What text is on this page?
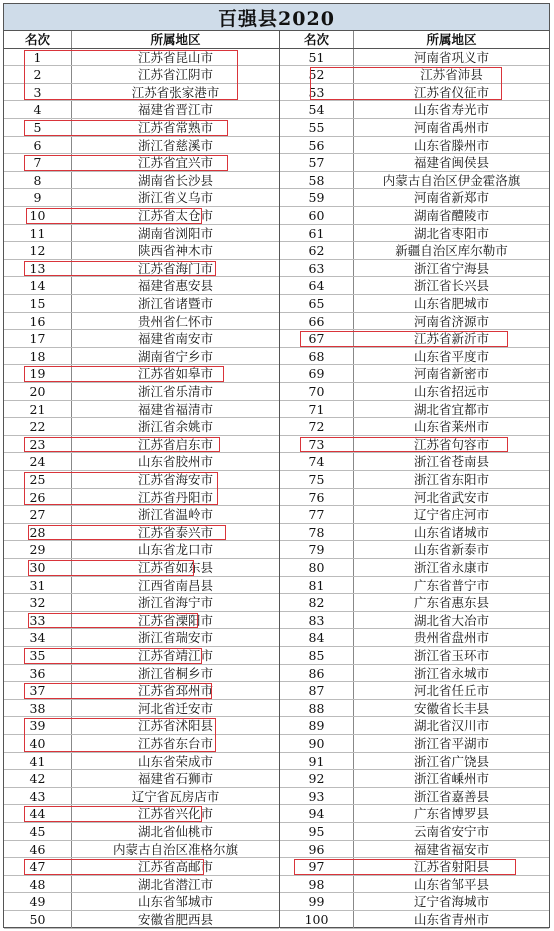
百强县2020
名次	所属地区
1	江苏省昆山市
2	江苏省江阴市
3	江苏省张家港市
4	福建省晋江市
5	江苏省常熟市
6	浙江省慈溪市
7	江苏省宜兴市
8	湖南省长沙县
9	浙江省义乌市
10	江苏省太仓市
11	湖南省浏阳市
12	陕西省神木市
13	江苏省海门市
14	福建省惠安县
15	浙江省诸暨市
16	贵州省仁怀市
17	福建省南安市
18	湖南省宁乡市
19	江苏省如皋市
20	浙江省乐清市
21	福建省福清市
22	浙江省余姚市
23	江苏省启东市
24	山东省胶州市
25	江苏省海安市
26	江苏省丹阳市
27	浙江省温岭市
28	江苏省泰兴市
29	山东省龙口市
30	江苏省如东县
31	江西省南昌县
32	浙江省海宁市
33	江苏省溧阳市
34	浙江省瑞安市
35	江苏省靖江市
36	浙江省桐乡市
37	江苏省邳州市
38	河北省迁安市
39	江苏省沭阳县
40	江苏省东台市
41	山东省荣成市
42	福建省石狮市
43	辽宁省瓦房店市
44	江苏省兴化市
45	湖北省仙桃市
46	内蒙古自治区准格尔旗
47	江苏省高邮市
48	湖北省潜江市
49	山东省邹城市
50	安徽省肥西县
名次	所属地区
51	河南省巩义市
52	江苏省沛县
53	江苏省仪征市
54	山东省寿光市
55	河南省禹州市
56	山东省滕州市
57	福建省闽侯县
58	内蒙古自治区伊金霍洛旗
59	河南省新郑市
60	湖南省醴陵市
61	湖北省枣阳市
62	新疆自治区库尔勒市
63	浙江省宁海县
64	浙江省长兴县
65	山东省肥城市
66	河南省济源市
67	江苏省新沂市
68	山东省平度市
69	河南省新密市
70	山东省招远市
71	湖北省宜都市
72	山东省莱州市
73	江苏省句容市
74	浙江省苍南县
75	浙江省东阳市
76	河北省武安市
77	辽宁省庄河市
78	山东省诸城市
79	山东省新泰市
80	浙江省永康市
81	广东省普宁市
82	广东省惠东县
83	湖北省大冶市
84	贵州省盘州市
85	浙江省玉环市
86	浙江省永城市
87	河北省任丘市
88	安徽省长丰县
89	湖北省汉川市
90	浙江省平湖市
91	浙江省广饶县
92	浙江省嵊州市
93	浙江省嘉善县
94	广东省博罗县
95	云南省安宁市
96	福建省福安市
97	江苏省射阳县
98	山东省邹平县
99	辽宁省海城市
100	山东省青州市
